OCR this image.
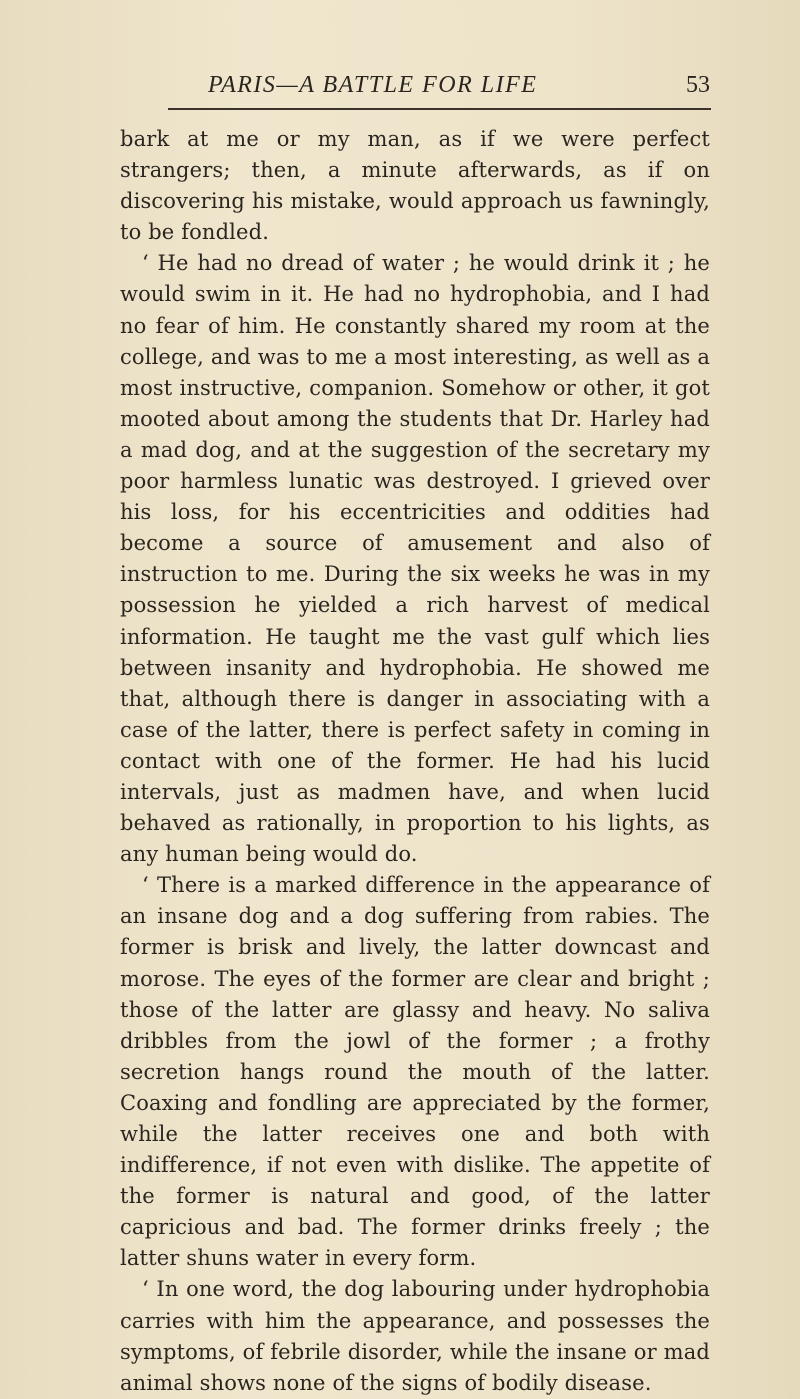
PARIS—A BATTLE FOR LIFE	53

bark at me or my man, as if we were perfect strangers; then, a minute afterwards, as if on discovering his mistake, would approach us fawningly, to be fondled.

‘ He had no dread of water ; he would drink it ; he would swim in it. He had no hydrophobia, and I had no fear of him. He constantly shared my room at the college, and was to me a most interesting, as well as a most instructive, companion. Somehow or other, it got mooted about among the students that Dr. Harley had a mad dog, and at the suggestion of the secretary my poor harmless lunatic was destroyed. I grieved over his loss, for his eccentricities and oddities had become a source of amusement and also of instruction to me. During the six weeks he was in my possession he yielded a rich harvest of medical information. He taught me the vast gulf which lies between insanity and hydrophobia. He showed me that, although there is danger in associating with a case of the latter, there is perfect safety in coming in contact with one of the former. He had his lucid intervals, just as madmen have, and when lucid behaved as rationally, in proportion to his lights, as any human being would do.

‘ There is a marked difference in the appearance of an insane dog and a dog suffering from rabies. The former is brisk and lively, the latter downcast and morose. The eyes of the former are clear and bright ; those of the latter are glassy and heavy. No saliva dribbles from the jowl of the former ; a frothy secretion hangs round the mouth of the latter. Coaxing and fondling are appreciated by the former, while the latter receives one and both with indifference, if not even with dislike. The appetite of the former is natural and good, of the latter capricious and bad. The former drinks freely ; the latter shuns water in every form.

‘ In one word, the dog labouring under hydrophobia carries with him the appearance, and possesses the symptoms, of febrile disorder, while the insane or mad animal shows none of the signs of bodily disease.
